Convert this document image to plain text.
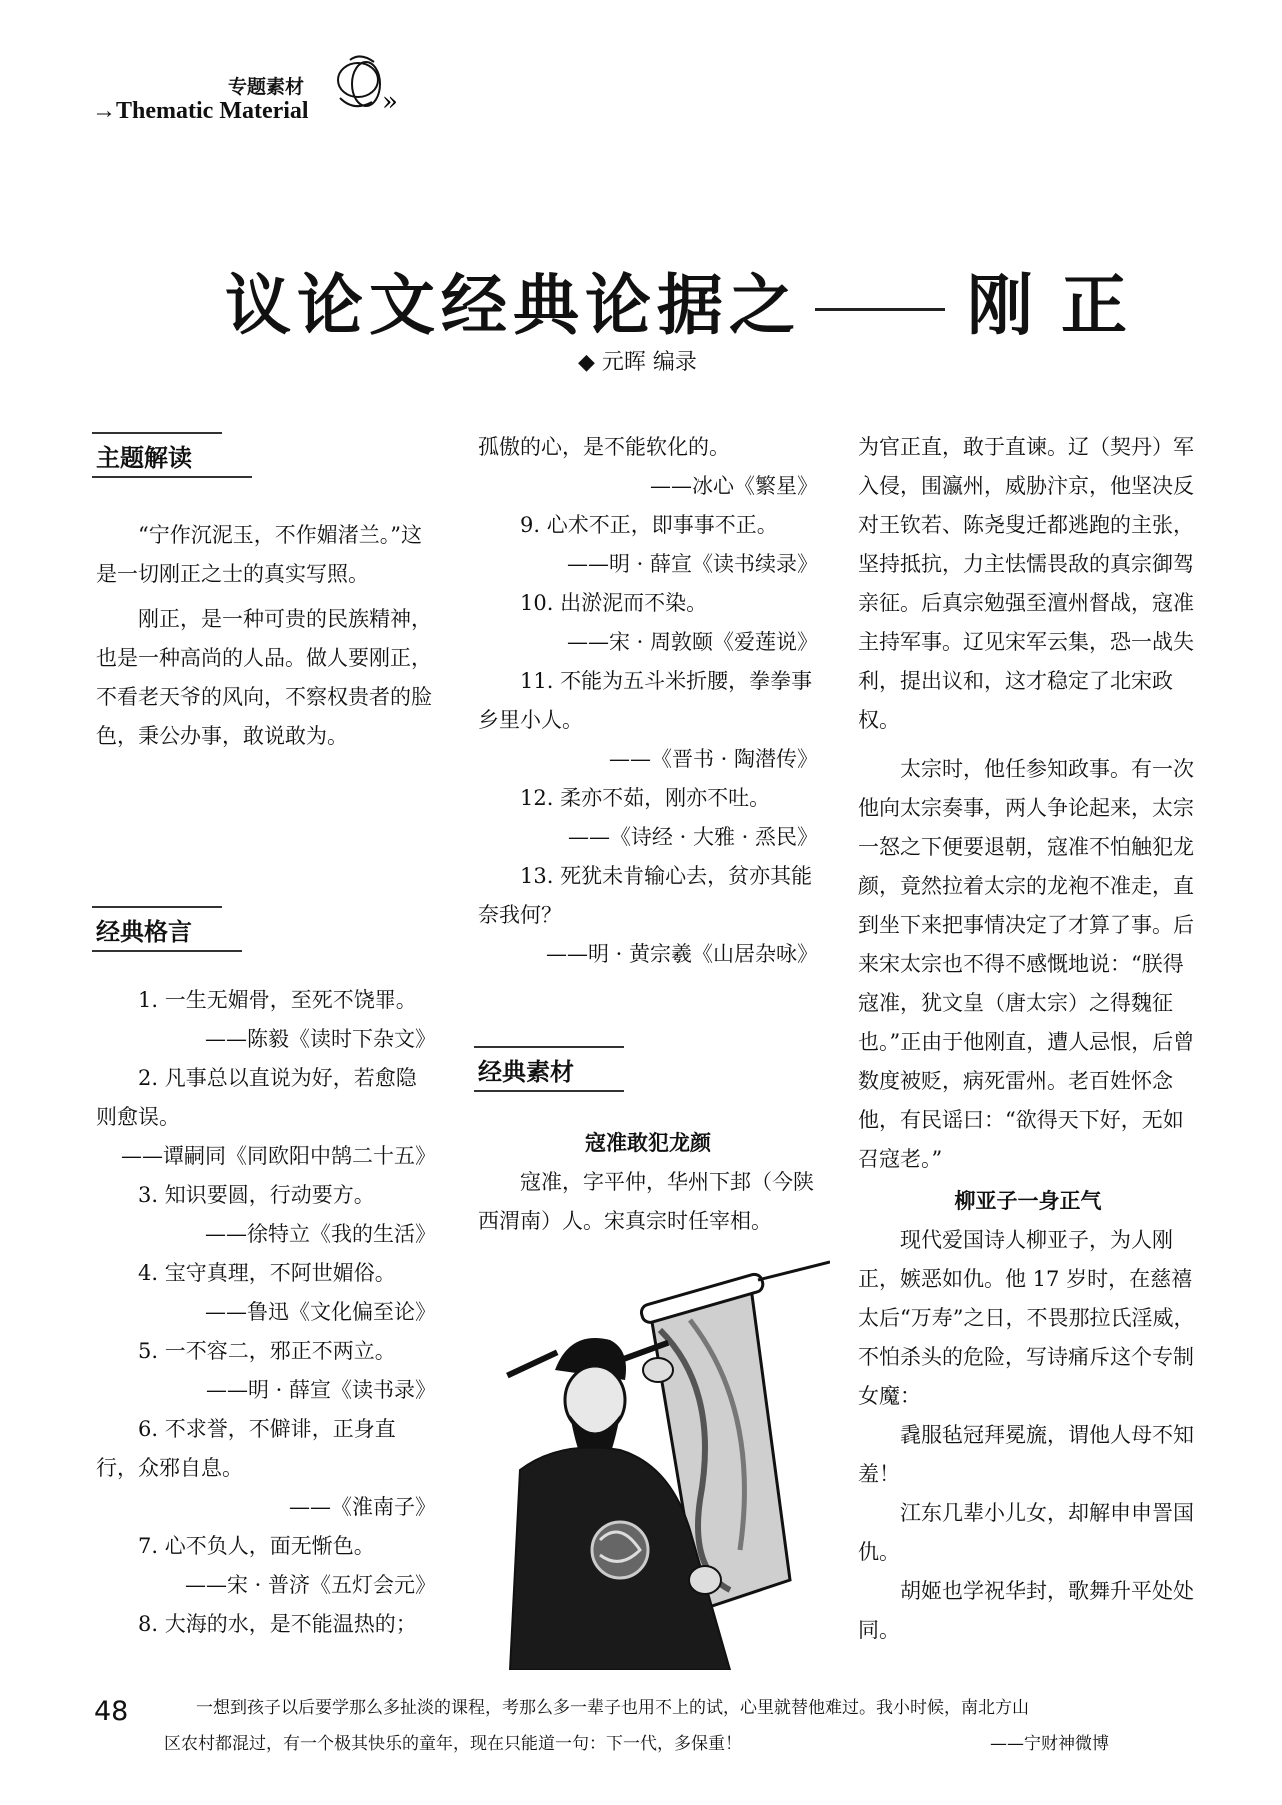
专题素材
→Thematic Material	»
议论文经典论据之	刚正
◆ 元晖 编录
主题解读
经典格言
经典素材

“宁作沉泥玉，不作媚渚兰。”这是一切刚正之士的真实写照。

刚正，是一种可贵的民族精神，也是一种高尚的人品。做人要刚正，不看老天爷的风向，不察权贵者的脸色，秉公办事，敢说敢为。

1. 一生无媚骨，至死不饶罪。

——陈毅《读时下杂文》

2. 凡事总以直说为好，若愈隐则愈误。

——谭嗣同《同欧阳中鹄二十五》

3. 知识要圆，行动要方。

——徐特立《我的生活》

4. 宝守真理，不阿世媚俗。

——鲁迅《文化偏至论》

5. 一不容二，邪正不两立。

——明 · 薛宣《读书录》

6. 不求誉，不僻诽，正身直行，众邪自息。

——《淮南子》

7. 心不负人，面无惭色。

——宋 · 普济《五灯会元》

8. 大海的水，是不能温热的；

孤傲的心，是不能软化的。

——冰心《繁星》

9. 心术不正，即事事不正。

——明 · 薛宣《读书续录》

10. 出淤泥而不染。

——宋 · 周敦颐《爱莲说》

11. 不能为五斗米折腰，拳拳事乡里小人。

——《晋书 · 陶潜传》

12. 柔亦不茹，刚亦不吐。

——《诗经 · 大雅 · 烝民》

13. 死犹未肯输心去，贫亦其能奈我何？

——明 · 黄宗羲《山居杂咏》

寇准敢犯龙颜

寇准，字平仲，华州下邽（今陕西渭南）人。宋真宗时任宰相。

为官正直，敢于直谏。辽（契丹）军入侵，围瀛州，威胁汴京，他坚决反对王钦若、陈尧叟迁都逃跑的主张，坚持抵抗，力主怯懦畏敌的真宗御驾亲征。后真宗勉强至澶州督战，寇准主持军事。辽见宋军云集，恐一战失利，提出议和，这才稳定了北宋政权。

太宗时，他任参知政事。有一次他向太宗奏事，两人争论起来，太宗一怒之下便要退朝，寇准不怕触犯龙颜，竟然拉着太宗的龙袍不准走，直到坐下来把事情决定了才算了事。后来宋太宗也不得不感慨地说：“朕得寇准，犹文皇（唐太宗）之得魏征也。”正由于他刚直，遭人忌恨，后曾数度被贬，病死雷州。老百姓怀念他，有民谣曰：“欲得天下好，无如召寇老。”

柳亚子一身正气

现代爱国诗人柳亚子，为人刚正，嫉恶如仇。他 17 岁时，在慈禧太后“万寿”之日，不畏那拉氏淫威，不怕杀头的危险，写诗痛斥这个专制女魔：

毳服毡冠拜冕旒，谓他人母不知羞！

江东几辈小儿女，却解申申詈国仇。

胡姬也学祝华封，歌舞升平处处同。

48	一想到孩子以后要学那么多扯淡的课程，考那么多一辈子也用不上的试，心里就替他难过。我小时候，南北方山
区农村都混过，有一个极其快乐的童年，现在只能道一句：下一代，多保重！	——宁财神微博
